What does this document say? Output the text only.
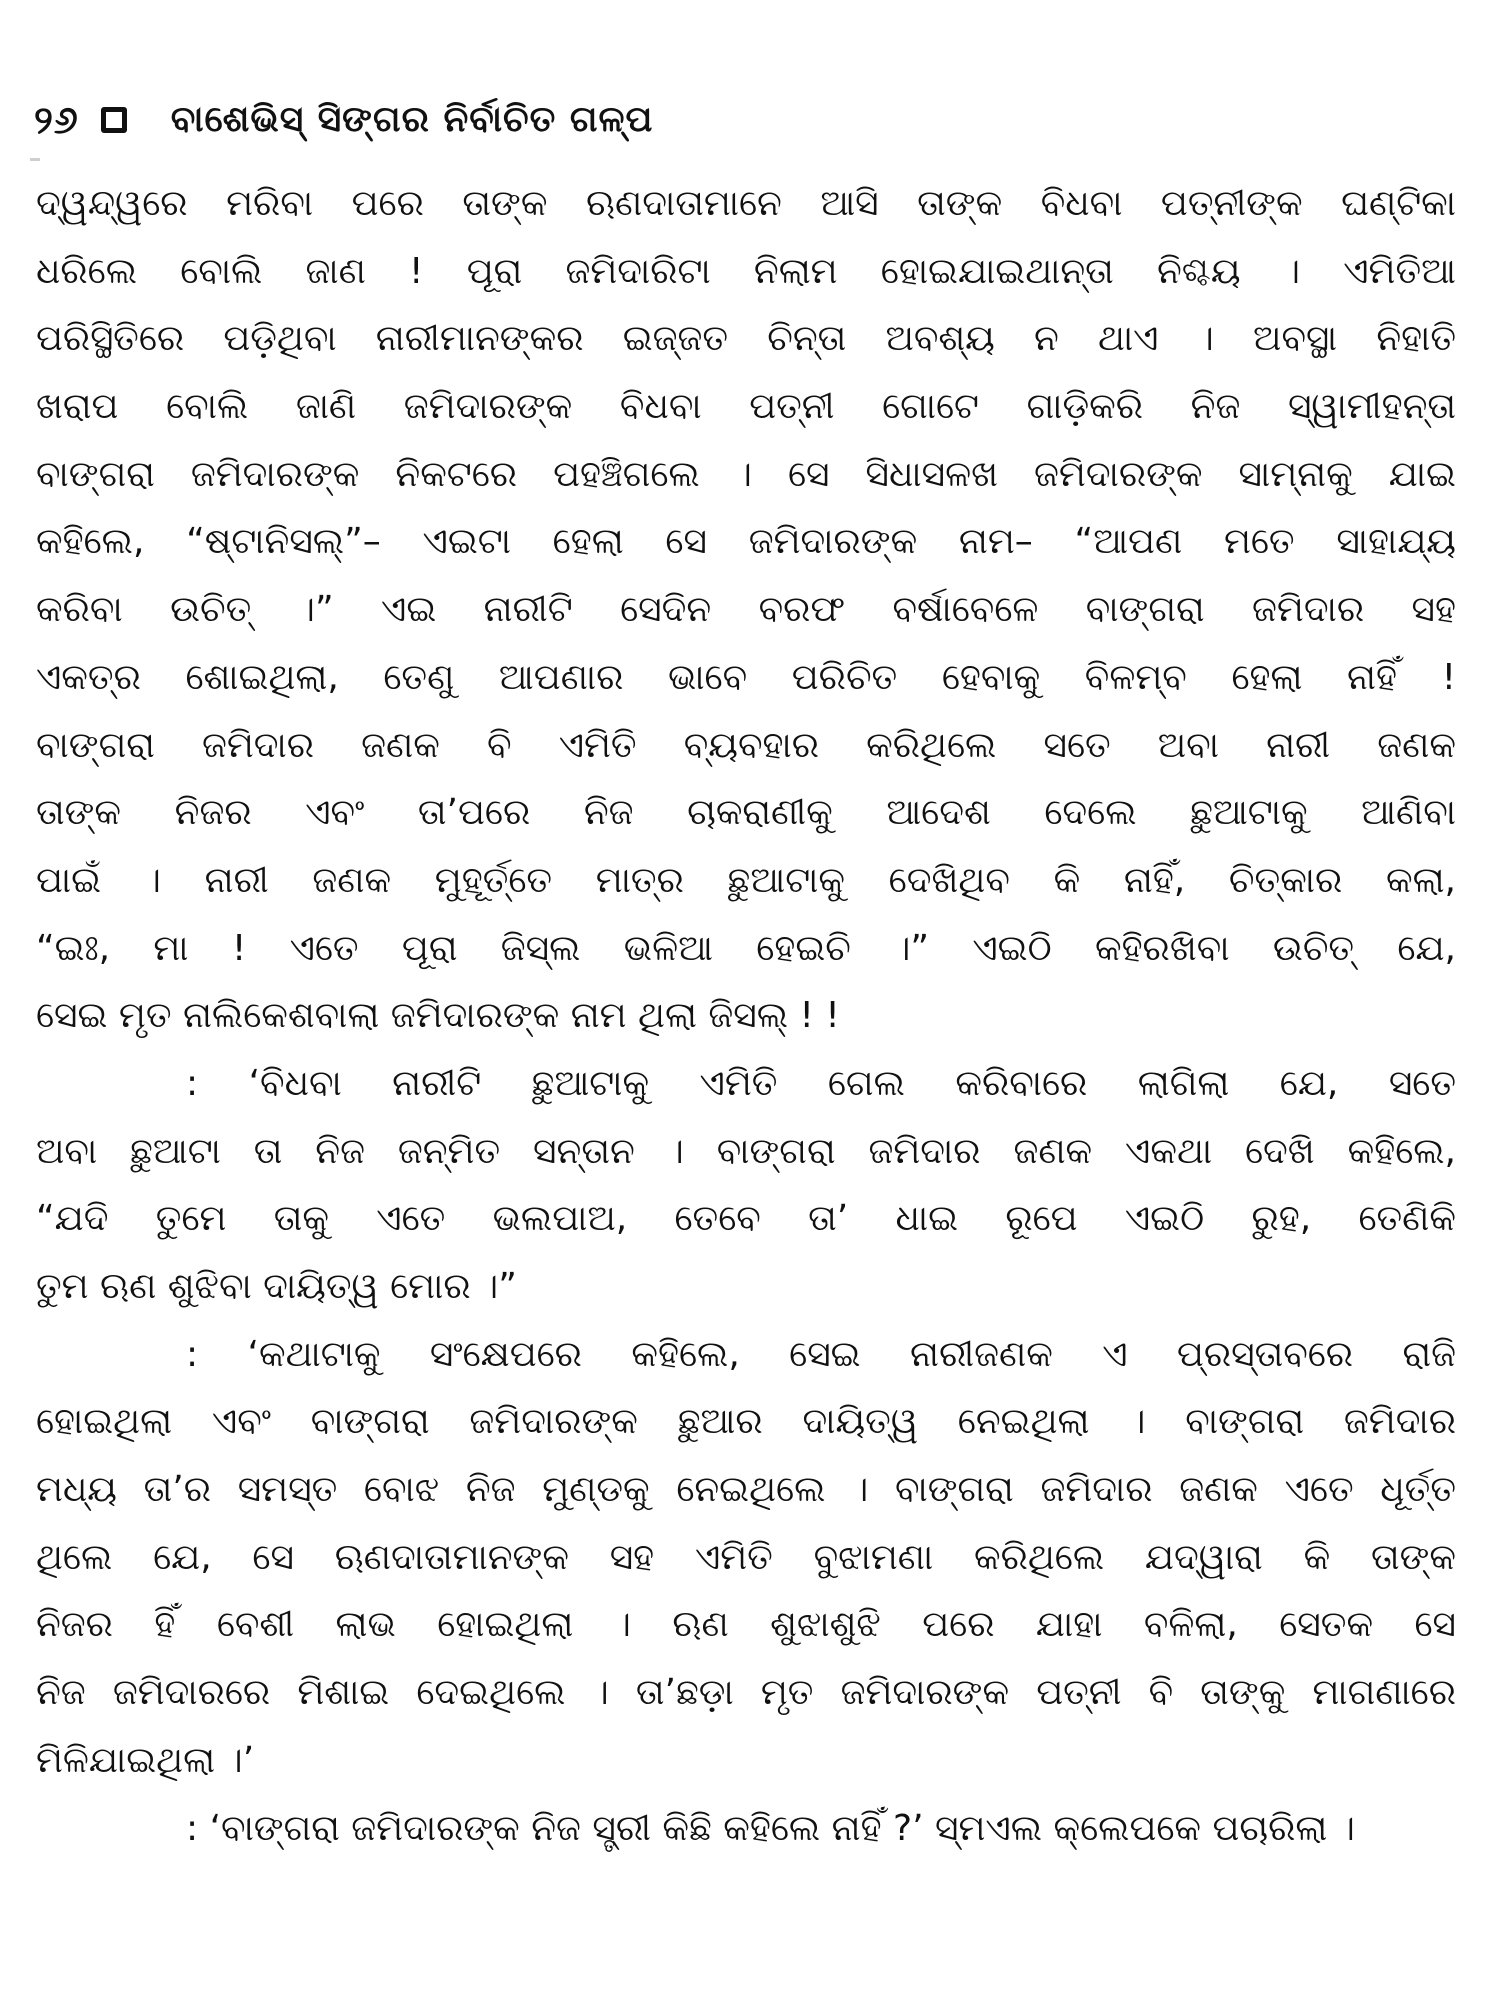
୨୬	ବାଶେଭିସ୍ ସିଙ୍ଗର ନିର୍ବାଚିତ ଗଳ୍ପ
ଦ୍ୱନ୍ଦ୍ୱରେ ମରିବା ପରେ ତାଙ୍କ ଋଣଦାତାମାନେ ଆସି ତାଙ୍କ ବିଧବା ପତ୍ନୀଙ୍କ ଘଣ୍ଟିକା
ଧରିଲେ ବୋଲି ଜାଣ ! ପୂରା ଜମିଦାରିଟା ନିଲାମ ହୋଇଯାଇଥାନ୍ତା ନିଶ୍ଚୟ । ଏମିତିଆ
ପରିସ୍ଥିତିରେ ପଡ଼ିଥିବା ନାରୀମାନଙ୍କର ଇଜ୍ଜତ ଚିନ୍ତା ଅବଶ୍ୟ ନ ଥାଏ । ଅବସ୍ଥା ନିହାତି
ଖରାପ ବୋଲି ଜାଣି ଜମିଦାରଙ୍କ ବିଧବା ପତ୍ନୀ ଗୋଟେ ଗାଡ଼ିକରି ନିଜ ସ୍ୱାମୀହନ୍ତା
ବାଙ୍ଗରା ଜମିଦାରଙ୍କ ନିକଟରେ ପହଞ୍ଚିଗଲେ । ସେ ସିଧାସଳଖ ଜମିଦାରଙ୍କ ସାମ୍ନାକୁ ଯାଇ
କହିଲେ, “ଷ୍ଟାନିସଲ୍”– ଏଇଟା ହେଲା ସେ ଜମିଦାରଙ୍କ ନାମ– “ଆପଣ ମତେ ସାହାଯ୍ୟ
କରିବା ଉଚିତ୍ ।” ଏଇ ନାରୀଟି ସେଦିନ ବରଫ ବର୍ଷାବେଳେ ବାଙ୍ଗରା ଜମିଦାର ସହ
ଏକତ୍ର ଶୋଇଥିଲା, ତେଣୁ ଆପଣାର ଭାବେ ପରିଚିତ ହେବାକୁ ବିଳମ୍ବ ହେଲା ନାହିଁ !
ବାଙ୍ଗରା ଜମିଦାର ଜଣକ ବି ଏମିତି ବ୍ୟବହାର କରିଥିଲେ ସତେ ଅବା ନାରୀ ଜଣକ
ତାଙ୍କ ନିଜର ଏବଂ ତା’ପରେ ନିଜ ଚାକରାଣୀକୁ ଆଦେଶ ଦେଲେ ଛୁଆଟାକୁ ଆଣିବା
ପାଇଁ । ନାରୀ ଜଣକ ମୁହୂର୍ତ୍ତେ ମାତ୍ର ଛୁଆଟାକୁ ଦେଖିଥିବ କି ନାହିଁ, ଚିତ୍କାର କଲା,
“ଇଃ, ମା ! ଏତେ ପୂରା ଜିସ୍‌ଲ ଭଳିଆ ହେଇଚି ।” ଏଇଠି କହିରଖିବା ଉଚିତ୍ ଯେ,
ସେଇ ମୃତ ନାଲିକେଶବାଲା ଜମିଦାରଙ୍କ ନାମ ଥିଲା ଜିସଲ୍ ! !
: ‘ବିଧବା ନାରୀଟି ଛୁଆଟାକୁ ଏମିତି ଗେଲ କରିବାରେ ଲାଗିଲା ଯେ, ସତେ
ଅବା ଛୁଆଟା ତା ନିଜ ଜନ୍ମିତ ସନ୍ତାନ । ବାଙ୍ଗରା ଜମିଦାର ଜଣକ ଏକଥା ଦେଖି କହିଲେ,
“ଯଦି ତୁମେ ତାକୁ ଏତେ ଭଲପାଅ, ତେବେ ତା’ ଧାଇ ରୂପେ ଏଇଠି ରୁହ, ତେଣିକି
ତୁମ ଋଣ ଶୁଝିବା ଦାୟିତ୍ୱ ମୋର ।”
: ‘କଥାଟାକୁ ସଂକ୍ଷେପରେ କହିଲେ, ସେଇ ନାରୀଜଣକ ଏ ପ୍ରସ୍ତାବରେ ରାଜି
ହୋଇଥିଲା ଏବଂ ବାଙ୍ଗରା ଜମିଦାରଙ୍କ ଛୁଆର ଦାୟିତ୍ୱ ନେଇଥିଲା । ବାଙ୍ଗରା ଜମିଦାର
ମଧ୍ୟ ତା’ର ସମସ୍ତ ବୋଝ ନିଜ ମୁଣ୍ଡକୁ ନେଇଥିଲେ । ବାଙ୍ଗରା ଜମିଦାର ଜଣକ ଏତେ ଧୂର୍ତ୍ତ
ଥିଲେ ଯେ, ସେ ଋଣଦାତାମାନଙ୍କ ସହ ଏମିତି ବୁଝାମଣା କରିଥିଲେ ଯଦ୍ୱାରା କି ତାଙ୍କ
ନିଜର ହିଁ ବେଶୀ ଲାଭ ହୋଇଥିଲା । ଋଣ ଶୁଝାଶୁଝି ପରେ ଯାହା ବଳିଲା, ସେତକ ସେ
ନିଜ ଜମିଦାରରେ ମିଶାଇ ଦେଇଥିଲେ । ତା’ଛଡ଼ା ମୃତ ଜମିଦାରଙ୍କ ପତ୍ନୀ ବି ତାଙ୍କୁ ମାଗଣାରେ
ମିଳିଯାଇଥିଲା ।’
: ‘ବାଙ୍ଗରା ଜମିଦାରଙ୍କ ନିଜ ସ୍ତ୍ରୀ କିଛି କହିଲେ ନାହିଁ ?’ ସ୍ମଏଲ କ୍ଲେପକେ ପଚାରିଲା ।
